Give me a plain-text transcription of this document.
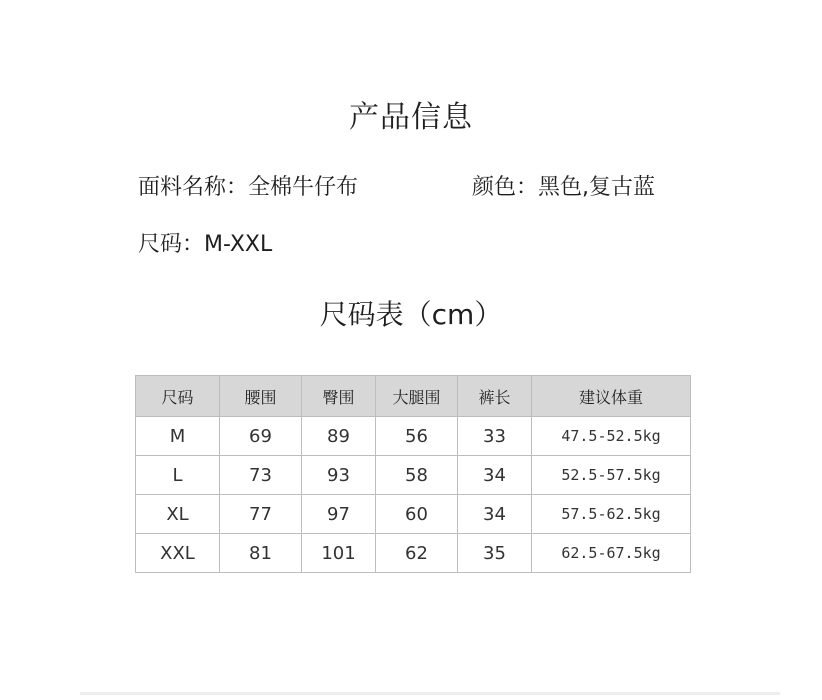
产品信息
面料名称：全棉牛仔布	颜色：黑色,复古蓝
尺码：M-XXL
尺码表（cm）
尺码	腰围	臀围	大腿围	裤长	建议体重
M	69	89	56	33	47.5-52.5kg
L	73	93	58	34	52.5-57.5kg
XL	77	97	60	34	57.5-62.5kg
XXL	81	101	62	35	62.5-67.5kg
